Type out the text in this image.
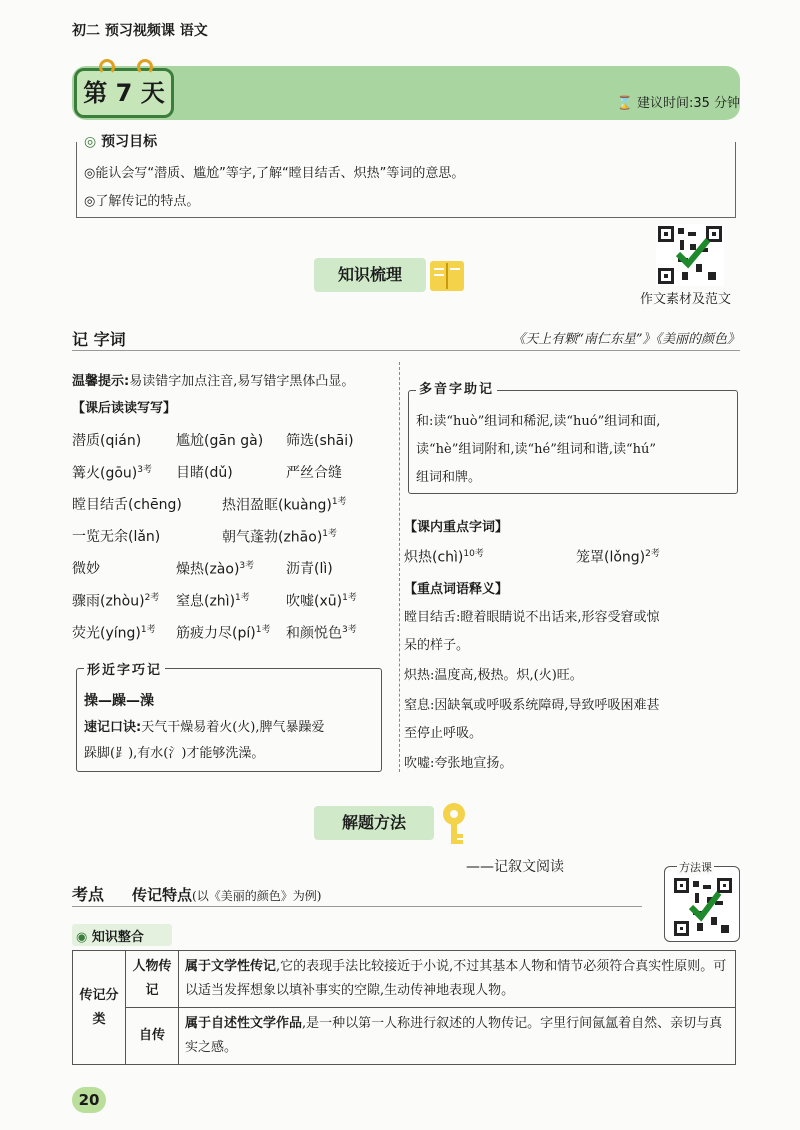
初二 预习视频课 语文
第 7 天	⌛ 建议时间:35 分钟
◎ 预习目标
◎能认会写“潜质、尴尬”等字,了解“瞠目结舌、炽热”等词的意思。
◎了解传记的特点。
作文素材及范文
知识梳理
记 字词	《天上有颗“南仁东星”》《美丽的颜色》
温馨提示:易读错字加点注音,易写错字黑体凸显。
【课后读读写写】
潜质(qián) 尴尬(gān gà) 筛选(shāi)
篝火(gōu)$^{3考}$ 目睹(dǔ)	严丝合缝
瞠目结舌(chēng)	热泪盈眶(kuàng)$^{1考}$
一览无余(lǎn)	朝气蓬勃(zhāo)$^{1考}$
微妙	燥热(zào)$^{3考}$ 沥青(lì)
骤雨(zhòu)$^{2考}$ 窒息(zhì)$^{1考}$	吹嘘(xū)$^{1考}$
荧光(yíng)$^{1考}$ 筋疲力尽(pí)$^{1考}$ 和颜悦色$^{3考}$
形近字巧记
操—躁—澡
速记口诀:天气干燥易着火(火),脾气暴躁爱
跺脚(⻊),有水(氵)才能够洗澡。
多音字助记
和:读“huò”组词和稀泥,读“huó”组词和面,
读“hè”组词附和,读“hé”组词和谐,读“hú”
组词和牌。
【课内重点字词】
炽热(chì)$^{10考}$	笼罩(lǒng)$^{2考}$
【重点词语释义】
瞠目结舌:瞪着眼睛说不出话来,形容受窘或惊
呆的样子。
炽热:温度高,极热。炽,(火)旺。
窒息:因缺氧或呼吸系统障碍,导致呼吸困难甚
至停止呼吸。
吹嘘:夸张地宣扬。
解题方法
——记叙文阅读
考点 传记特点(以《美丽的颜色》为例)
方法课
◉ 知识整合
传记分类	人物传记	属于文学性传记,它的表现手法比较接近于小说,不过其基本人物和情节必须符合真实性原则。可以适当发挥想象以填补事实的空隙,生动传神地表现人物。
	自传	属于自述性文学作品,是一种以第一人称进行叙述的人物传记。字里行间氤氲着自然、亲切与真实之感。
20
